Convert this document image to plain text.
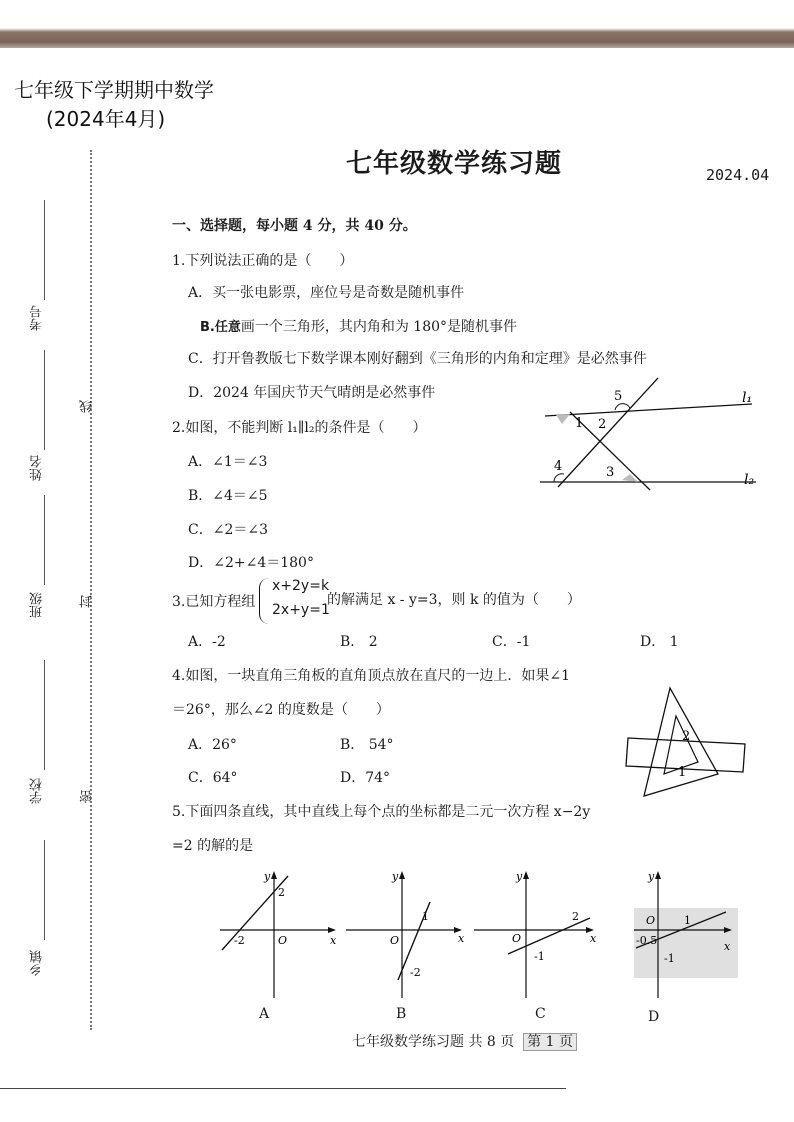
七年级下学期期中数学
(2024年4月)
七年级数学练习题	2024.04
考号
姓名
班级
学校
乡镇
线
封
密
一、选择题，每小题 4 分，共 40 分。
1.下列说法正确的是（　　）
A．买一张电影票，座位号是奇数是随机事件
B.任意画一个三角形，其内角和为 180°是随机事件
C．打开鲁教版七下数学课本刚好翻到《三角形的内角和定理》是必然事件
D．2024 年国庆节天气晴朗是必然事件
2.如图，不能判断 l₁∥l₂的条件是（　　）
A．∠1＝∠3
B．∠4＝∠5
C．∠2＝∠3
D．∠2+∠4＝180°
1 2
3
4
5	l₁
l₂
3.已知方程组
x+2y=k
2x+y=1
的解满足 x - y=3，则 k 的值为（　　）
A．-2	B． 2	C．-1	D． 1
4.如图，一块直角三角板的直角顶点放在直尺的一边上．如果∠1
＝26°，那么∠2 的度数是（　　）
A．26°	B． 54°
C．64°	D．74°
2
1
5.下面四条直线，其中直线上每个点的坐标都是二元一次方程 x−2y
=2 的解的是
-2
2
O	x
y
A
1
-2
O	x
y
B
2
-1
O	x
y
C
1
-1
-0.5
O
x
y
D
七年级数学练习题 共 8 页 第 1 页
